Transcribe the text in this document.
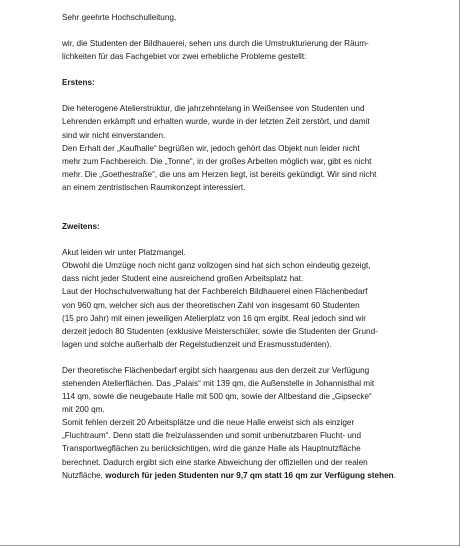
Sehr geehrte Hochschulleitung,

wir, die Studenten der Bildhauerei, sehen uns durch die Umstrukturierung der Räum-

lichkeiten für das Fachgebiet vor zwei erhebliche Probleme gestellt:

Erstens:

Die heterogene Atelierstruktur, die jahrzehntelang in Weißensee von Studenten und

Lehrenden erkämpft und erhalten wurde, wurde in der letzten Zeit zerstört, und damit

sind wir nicht einverstanden.

Den Erhalt der „Kaufhalle“ begrüßen wir, jedoch gehört das Objekt nun leider nicht

mehr zum Fachbereich. Die „Tonne“, in der großes Arbeiten möglich war, gibt es nicht

mehr. Die „Goethestraße“, die uns am Herzen liegt, ist bereits gekündigt. Wir sind nicht

an einem zentristischen Raumkonzept interessiert.

Zweitens:

Akut leiden wir unter Platzmangel.

Obwohl die Umzüge noch nicht ganz vollzogen sind hat sich schon eindeutig gezeigt,

dass nicht jeder Student eine ausreichend großen Arbeitsplatz hat.

Laut der Hochschulverwaltung hat der Fachbereich Bildhauerei einen Flächenbedarf

von 960 qm, welcher sich aus der theoretischen Zahl von insgesamt 60 Studenten

(15 pro Jahr) mit einen jeweiligen Atelierplatz von 16 qm ergibt. Real jedoch sind wir

derzeit jedoch 80 Studenten (exklusive Meisterschüler, sowie die Studenten der Grund-

lagen und solche außerhalb der Regelstudienzeit und Erasmusstudenten).

Der theoretische Flächenbedarf ergibt sich haargenau aus den derzeit zur Verfügung

stehenden Atelierflächen. Das „Palais“ mit 139 qm, die Außenstelle in Johannisthal mit

114 qm, sowie die neugebaute Halle mit 500 qm, sowie der Altbestand die „Gipsecke“

mit 200 qm.

Somit fehlen derzeit 20 Arbeitsplätze und die neue Halle erweist sich als einziger

„Fluchtraum“. Denn statt die freizulassenden und somit unbenutzbaren Flucht- und

Transportwegflächen zu berücksichtigen, wird die ganze Halle als Hauptnutzfläche

berechnet. Dadurch ergibt sich eine starke Abweichung der offiziellen und der realen

Nutzfläche, wodurch für jeden Studenten nur 9,7 qm statt 16 qm zur Verfügung stehen.
